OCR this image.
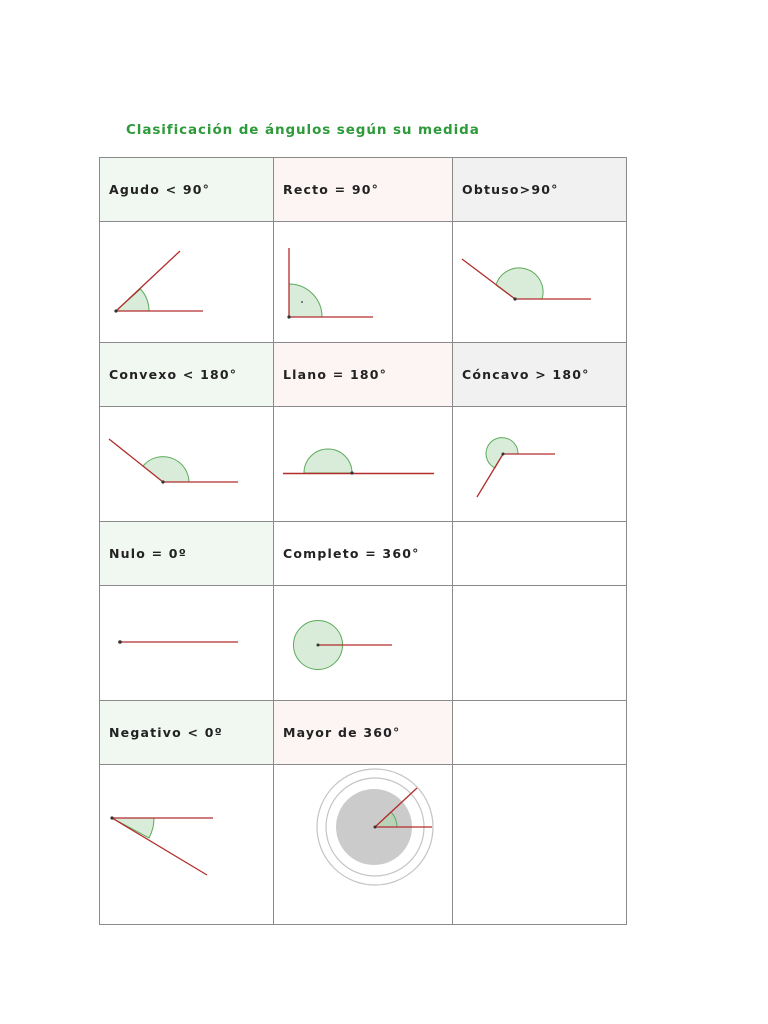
Clasificación de ángulos según su medida
Agudo < 90°	Recto = 90°	Obtuso>90°

Convexo < 180°	Llano = 180°	Cóncavo > 180°

Nulo = 0º	Completo = 360°	

Negativo < 0º	Mayor de 360°	
